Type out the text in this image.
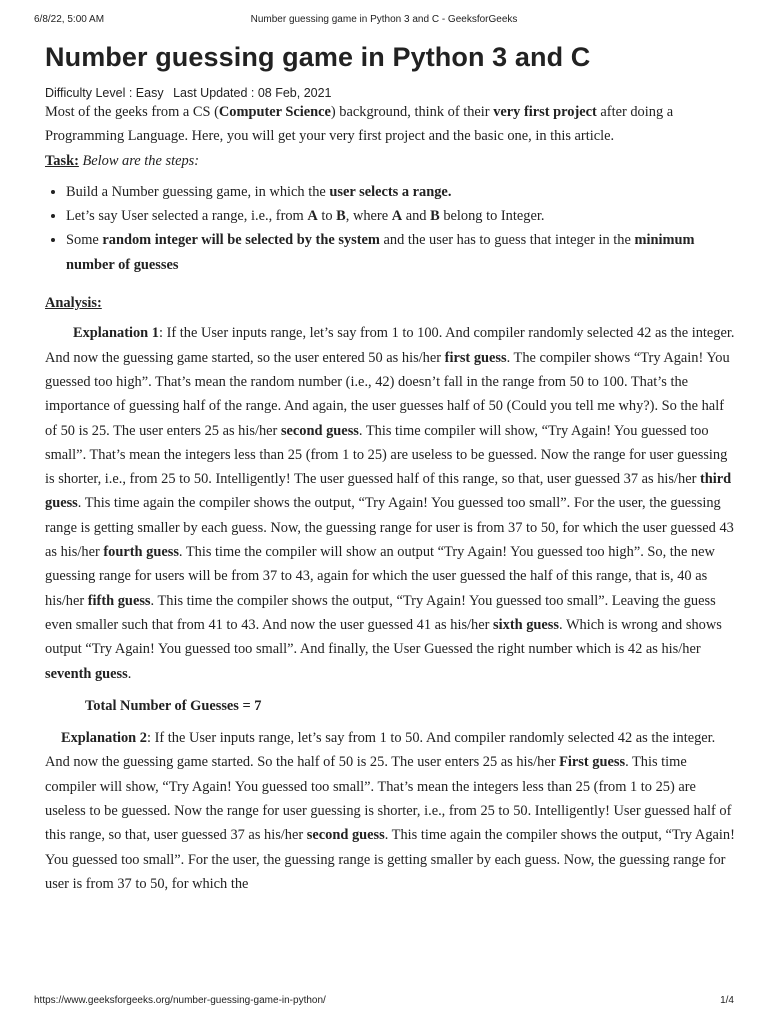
6/8/22, 5:00 AM	Number guessing game in Python 3 and C - GeeksforGeeks
Number guessing game in Python 3 and C
Difficulty Level : Easy Last Updated : 08 Feb, 2021

Most of the geeks from a CS (Computer Science) background, think of their very first project after doing a Programming Language. Here, you will get your very first project and the basic one, in this article.

Task: Below are the steps:

• Build a Number guessing game, in which the user selects a range.
• Let’s say User selected a range, i.e., from A to B, where A and B belong to Integer.
• Some random integer will be selected by the system and the user has to guess that integer in the minimum number of guesses

Analysis:

Explanation 1: If the User inputs range, let’s say from 1 to 100. And compiler randomly selected 42 as the integer. And now the guessing game started, so the user entered 50 as his/her first guess. The compiler shows “Try Again! You guessed too high”. That’s mean the random number (i.e., 42) doesn’t fall in the range from 50 to 100. That’s the importance of guessing half of the range. And again, the user guesses half of 50 (Could you tell me why?). So the half of 50 is 25. The user enters 25 as his/her second guess. This time compiler will show, “Try Again! You guessed too small”. That’s mean the integers less than 25 (from 1 to 25) are useless to be guessed. Now the range for user guessing is shorter, i.e., from 25 to 50. Intelligently! The user guessed half of this range, so that, user guessed 37 as his/her third guess. This time again the compiler shows the output, “Try Again! You guessed too small”. For the user, the guessing range is getting smaller by each guess. Now, the guessing range for user is from 37 to 50, for which the user guessed 43 as his/her fourth guess. This time the compiler will show an output “Try Again! You guessed too high”. So, the new guessing range for users will be from 37 to 43, again for which the user guessed the half of this range, that is, 40 as his/her fifth guess. This time the compiler shows the output, “Try Again! You guessed too small”. Leaving the guess even smaller such that from 41 to 43. And now the user guessed 41 as his/her sixth guess. Which is wrong and shows output “Try Again! You guessed too small”. And finally, the User Guessed the right number which is 42 as his/her seventh guess.

Total Number of Guesses = 7

Explanation 2: If the User inputs range, let’s say from 1 to 50. And compiler randomly selected 42 as the integer. And now the guessing game started. So the half of 50 is 25. The user enters 25 as his/her First guess. This time compiler will show, “Try Again! You guessed too small”. That’s mean the integers less than 25 (from 1 to 25) are useless to be guessed. Now the range for user guessing is shorter, i.e., from 25 to 50. Intelligently! User guessed half of this range, so that, user guessed 37 as his/her second guess. This time again the compiler shows the output, “Try Again! You guessed too small”. For the user, the guessing range is getting smaller by each guess. Now, the guessing range for user is from 37 to 50, for which the

https://www.geeksforgeeks.org/number-guessing-game-in-python/	1/4
